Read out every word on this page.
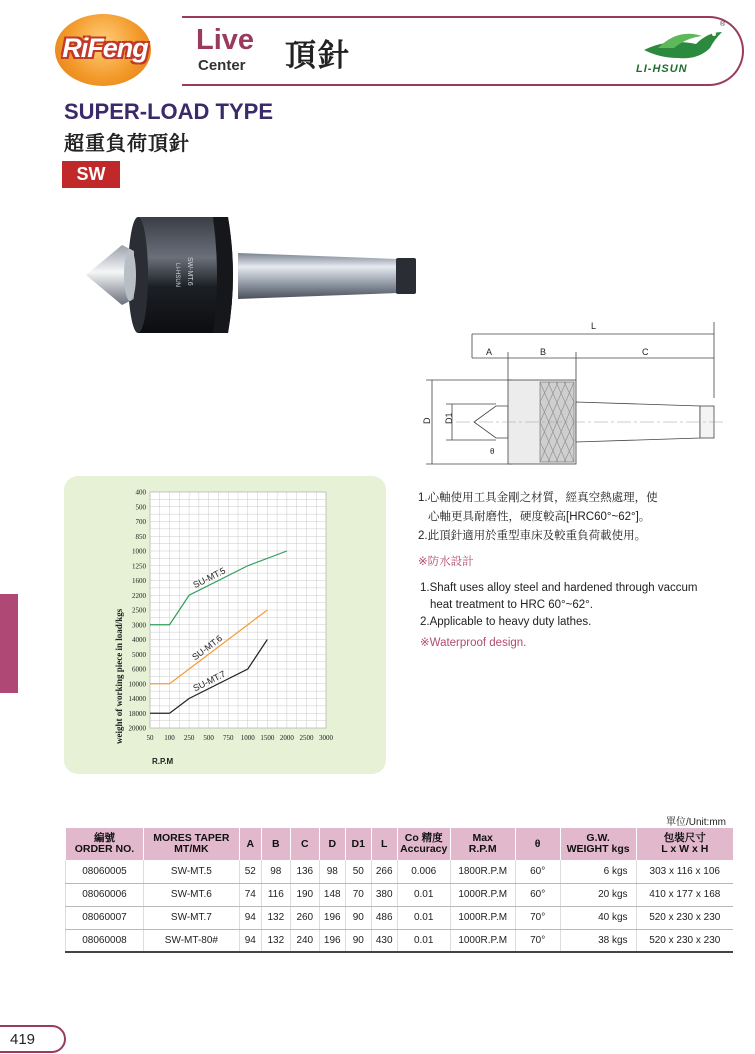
RiFeng	Live
Center 頂針
®
LI-HSUN
SUPER-LOAD TYPE
超重負荷頂針
SW
LI-HSUN SW-MT.6
L
A	B	C
D D1
θ
400
500
700
850
1000
1250
1600
2200
2500
3000
4000
5000
6000
10000
14000
18000
20000
50 100 250 500 750 1000 1500 2000 2500 3000
SU-MT.5
SU-MT.6
SU-MT.7
weight of working piece in load/kgs
R.P.M
1.心軸使用工具金剛之材質，經真空熱處理，使
心軸更具耐磨性，硬度較高[HRC60°~62°]。
2.此頂針適用於重型車床及較重負荷載使用。
※防水設計
1.Shaft uses alloy steel and hardened through vaccum
heat treatment to HRC 60°~62°.
2.Applicable to heavy duty lathes.
※Waterproof design.
單位/Unit:mm
編號
ORDER NO.	MORES TAPER
MT/MK	A	B	C	D	D1	L	Co 精度
Accuracy	Max
R.P.M	θ	G.W.
WEIGHT kgs	包裝尺寸
L x W x H
08060005	SW-MT.5	52	98	136	98	50	266	0.006	1800R.P.M	60°	6 kgs	303 x 116 x 106
08060006	SW-MT.6	74	116	190	148	70	380	0.01	1000R.P.M	60°	20 kgs	410 x 177 x 168
08060007	SW-MT.7	94	132	260	196	90	486	0.01	1000R.P.M	70°	40 kgs	520 x 230 x 230
08060008	SW-MT-80#	94	132	240	196	90	430	0.01	1000R.P.M	70°	38 kgs	520 x 230 x 230
419
